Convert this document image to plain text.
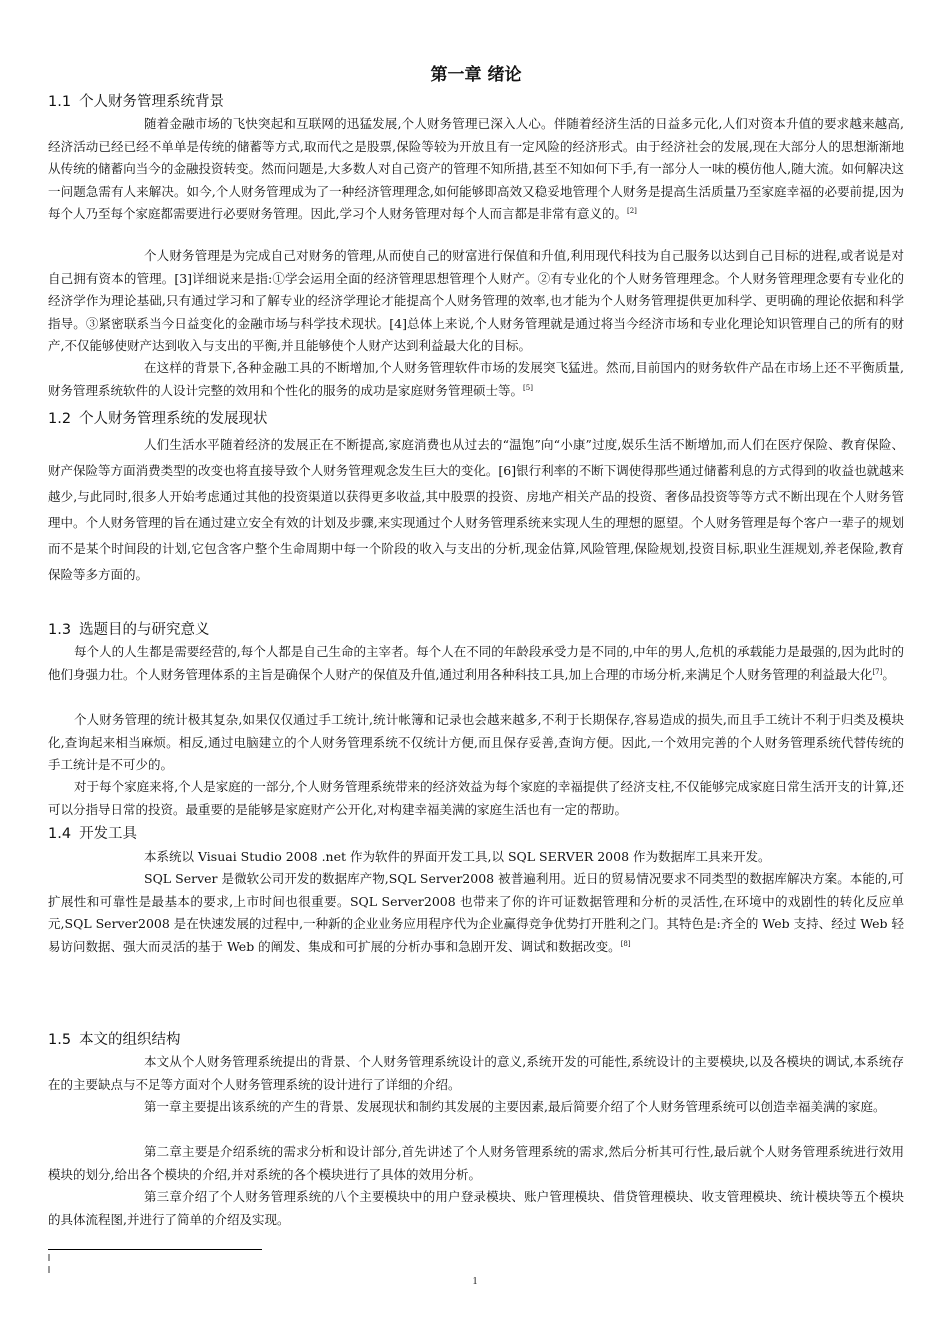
第一章 绪论
1.1 个人财务管理系统背景

随着金融市场的飞快突起和互联网的迅猛发展,个人财务管理已深入人心。伴随着经济生活的日益多元化,人们对资本升值的要求越来越高,经济活动已经已经不单单是传统的储蓄等方式,取而代之是股票,保险等较为开放且有一定风险的经济形式。由于经济社会的发展,现在大部分人的思想渐渐地从传统的储蓄向当今的金融投资转变。然而问题是,大多数人对自己资产的管理不知所措,甚至不知如何下手,有一部分人一味的模仿他人,随大流。如何解决这一问题急需有人来解决。如今,个人财务管理成为了一种经济管理理念,如何能够即高效又稳妥地管理个人财务是提高生活质量乃至家庭幸福的必要前提,因为每个人乃至每个家庭都需要进行必要财务管理。因此,学习个人财务管理对每个人而言都是非常有意义的。[2]

个人财务管理是为完成自己对财务的管理,从而使自己的财富进行保值和升值,利用现代科技为自己服务以达到自己目标的进程,或者说是对自己拥有资本的管理。[3]详细说来是指:①学会运用全面的经济管理思想管理个人财产。②有专业化的个人财务管理理念。个人财务管理理念要有专业化的经济学作为理论基础,只有通过学习和了解专业的经济学理论才能提高个人财务管理的效率,也才能为个人财务管理提供更加科学、更明确的理论依据和科学指导。③紧密联系当今日益变化的金融市场与科学技术现状。[4]总体上来说,个人财务管理就是通过将当今经济市场和专业化理论知识管理自己的所有的财产,不仅能够使财产达到收入与支出的平衡,并且能够使个人财产达到利益最大化的目标。

在这样的背景下,各种金融工具的不断增加,个人财务管理软件市场的发展突飞猛进。然而,目前国内的财务软件产品在市场上还不平衡质量,财务管理系统软件的人设计完整的效用和个性化的服务的成功是家庭财务管理硕士等。[5]

1.2 个人财务管理系统的发展现状

人们生活水平随着经济的发展正在不断提高,家庭消费也从过去的“温饱”向“小康”过度,娱乐生活不断增加,而人们在医疗保险、教育保险、财产保险等方面消费类型的改变也将直接导致个人财务管理观念发生巨大的变化。[6]银行利率的不断下调使得那些通过储蓄利息的方式得到的收益也就越来越少,与此同时,很多人开始考虑通过其他的投资渠道以获得更多收益,其中股票的投资、房地产相关产品的投资、奢侈品投资等等方式不断出现在个人财务管理中。个人财务管理的旨在通过建立安全有效的计划及步骤,来实现通过个人财务管理系统来实现人生的理想的愿望。个人财务管理是每个客户一辈子的规划而不是某个时间段的计划,它包含客户整个生命周期中每一个阶段的收入与支出的分析,现金估算,风险管理,保险规划,投资目标,职业生涯规划,养老保险,教育保险等多方面的。

1.3 选题目的与研究意义

每个人的人生都是需要经营的,每个人都是自己生命的主宰者。每个人在不同的年龄段承受力是不同的,中年的男人,危机的承载能力是最强的,因为此时的他们身强力壮。个人财务管理体系的主旨是确保个人财产的保值及升值,通过利用各种科技工具,加上合理的市场分析,来满足个人财务管理的利益最大化[7]。

个人财务管理的统计极其复杂,如果仅仅通过手工统计,统计帐簿和记录也会越来越多,不利于长期保存,容易造成的损失,而且手工统计不利于归类及模块化,查询起来相当麻烦。相反,通过电脑建立的个人财务管理系统不仅统计方便,而且保存妥善,查询方便。因此,一个效用完善的个人财务管理系统代替传统的手工统计是不可少的。

对于每个家庭来将,个人是家庭的一部分,个人财务管理系统带来的经济效益为每个家庭的幸福提供了经济支柱,不仅能够完成家庭日常生活开支的计算,还可以分指导日常的投资。最重要的是能够是家庭财产公开化,对构建幸福美满的家庭生活也有一定的帮助。

1.4 开发工具

本系统以 Visuai Studio 2008 .net 作为软件的界面开发工具,以 SQL SERVER 2008 作为数据库工具来开发。

SQL Server 是微软公司开发的数据库产物,SQL Server2008 被普遍利用。近日的贸易情况要求不同类型的数据库解决方案。本能的,可扩展性和可靠性是最基本的要求,上市时间也很重要。SQL Server2008 也带来了你的许可证数据管理和分析的灵活性,在环境中的戏剧性的转化反应单元,SQL Server2008 是在快速发展的过程中,一种新的企业业务应用程序代为企业赢得竞争优势打开胜利之门。其特色是:齐全的 Web 支持、经过 Web 轻易访问数据、强大而灵活的基于 Web 的阐发、集成和可扩展的分析办事和急剧开发、调试和数据改变。[8]

1.5 本文的组织结构

本文从个人财务管理系统提出的背景、个人财务管理系统设计的意义,系统开发的可能性,系统设计的主要模块,以及各模块的调试,本系统存在的主要缺点与不足等方面对个人财务管理系统的设计进行了详细的介绍。

第一章主要提出该系统的产生的背景、发展现状和制约其发展的主要因素,最后简要介绍了个人财务管理系统可以创造幸福美满的家庭。

第二章主要是介绍系统的需求分析和设计部分,首先讲述了个人财务管理系统的需求,然后分析其可行性,最后就个人财务管理系统进行效用模块的划分,给出各个模块的介绍,并对系统的各个模块进行了具体的效用分析。

第三章介绍了个人财务管理系统的八个主要模块中的用户登录模块、账户管理模块、借贷管理模块、收支管理模块、统计模块等五个模块的具体流程图,并进行了简单的介绍及实现。

1
